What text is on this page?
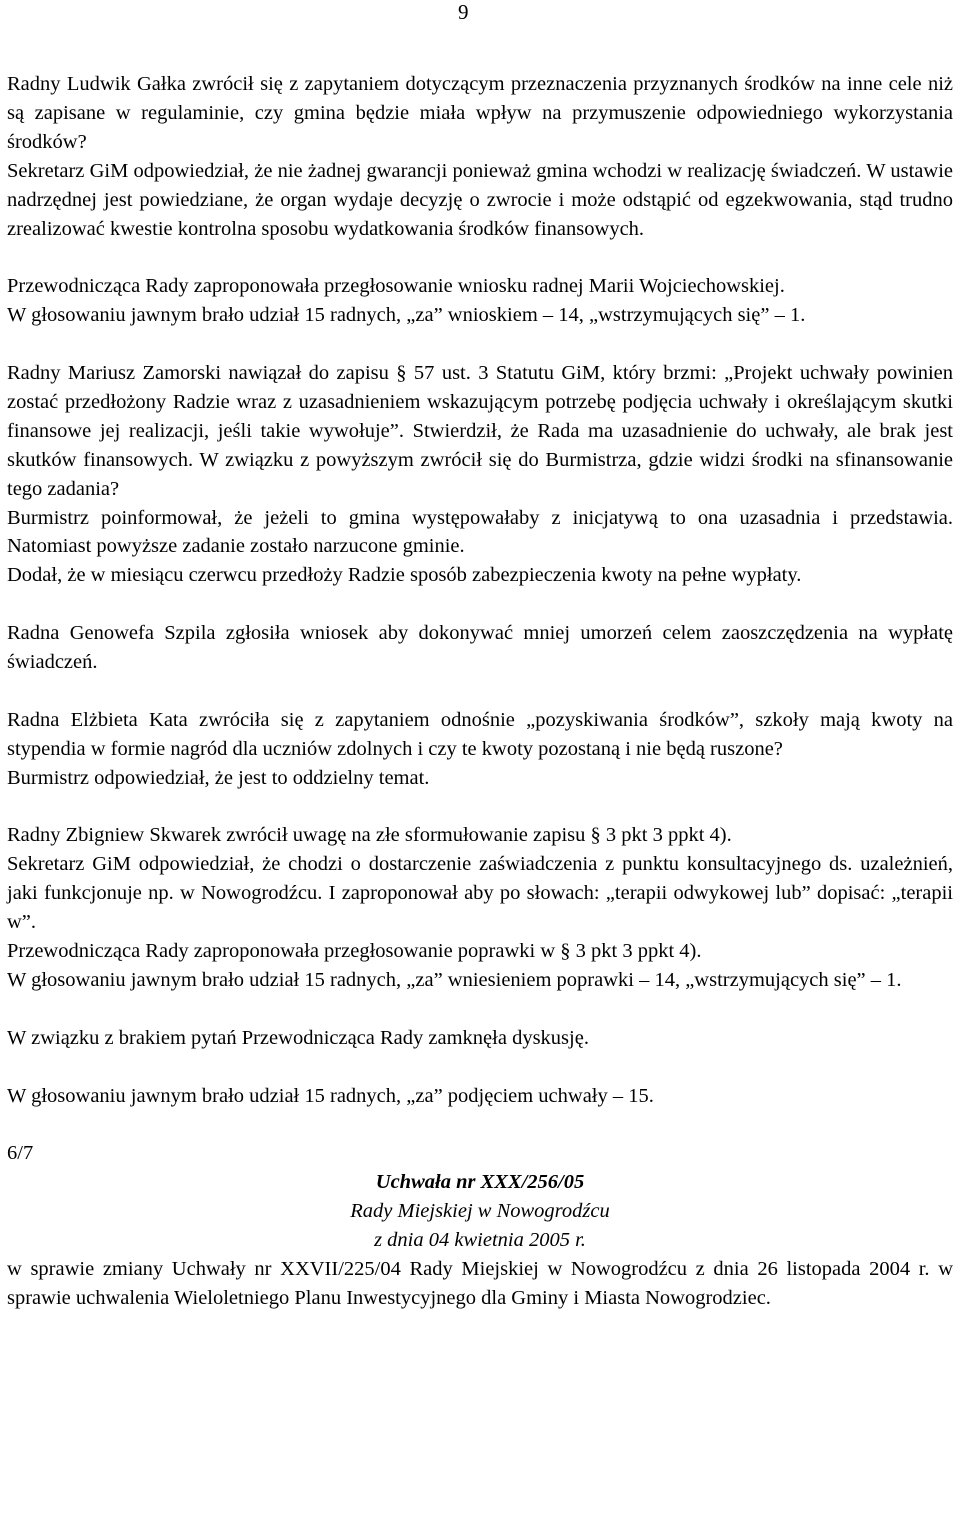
9

Radny Ludwik Gałka zwrócił się z zapytaniem dotyczącym przeznaczenia przyznanych środków na inne cele niż są zapisane w regulaminie, czy gmina będzie miała wpływ na przymuszenie odpowiedniego wykorzystania środków?

Sekretarz GiM odpowiedział, że nie żadnej gwarancji ponieważ gmina wchodzi w realizację świadczeń. W ustawie nadrzędnej jest powiedziane, że organ wydaje decyzję o zwrocie i może odstąpić od egzekwowania, stąd trudno zrealizować kwestie kontrolna sposobu wydatkowania środków finansowych.

Przewodnicząca Rady zaproponowała przegłosowanie wniosku radnej Marii Wojciechowskiej.

W głosowaniu jawnym brało udział 15 radnych, „za” wnioskiem – 14, „wstrzymujących się” – 1.

Radny Mariusz Zamorski nawiązał do zapisu § 57 ust. 3 Statutu GiM, który brzmi: „Projekt uchwały powinien zostać przedłożony Radzie wraz z uzasadnieniem wskazującym potrzebę podjęcia uchwały i określającym skutki finansowe jej realizacji, jeśli takie wywołuje”. Stwierdził, że Rada ma uzasadnienie do uchwały, ale brak jest skutków finansowych. W związku z powyższym zwrócił się do Burmistrza, gdzie widzi środki na sfinansowanie tego zadania?

Burmistrz poinformował, że jeżeli to gmina występowałaby z inicjatywą to ona uzasadnia i przedstawia. Natomiast powyższe zadanie zostało narzucone gminie.

Dodał, że w miesiącu czerwcu przedłoży Radzie sposób zabezpieczenia kwoty na pełne wypłaty.

Radna Genowefa Szpila zgłosiła wniosek aby dokonywać mniej umorzeń celem zaoszczędzenia na wypłatę świadczeń.

Radna Elżbieta Kata zwróciła się z zapytaniem odnośnie „pozyskiwania środków”, szkoły mają kwoty na stypendia w formie nagród dla uczniów zdolnych i czy te kwoty pozostaną i nie będą ruszone?

Burmistrz odpowiedział, że jest to oddzielny temat.

Radny Zbigniew Skwarek zwrócił uwagę na złe sformułowanie zapisu § 3 pkt 3 ppkt 4).

Sekretarz GiM odpowiedział, że chodzi o dostarczenie zaświadczenia z punktu konsultacyjnego ds. uzależnień, jaki funkcjonuje np. w Nowogrodźcu. I zaproponował aby po słowach: „terapii odwykowej lub” dopisać: „terapii w”.

Przewodnicząca Rady zaproponowała przegłosowanie poprawki w § 3 pkt 3 ppkt 4).

W głosowaniu jawnym brało udział 15 radnych, „za” wniesieniem poprawki – 14, „wstrzymujących się” – 1.

W związku z brakiem pytań Przewodnicząca Rady zamknęła dyskusję.

W głosowaniu jawnym brało udział 15 radnych, „za” podjęciem uchwały – 15.

6/7

Uchwała nr XXX/256/05

Rady Miejskiej w Nowogrodźcu

z dnia 04 kwietnia 2005 r.

w sprawie zmiany Uchwały nr XXVII/225/04 Rady Miejskiej w Nowogrodźcu z dnia 26 listopada 2004 r. w sprawie uchwalenia Wieloletniego Planu Inwestycyjnego dla Gminy i Miasta Nowogrodziec.
